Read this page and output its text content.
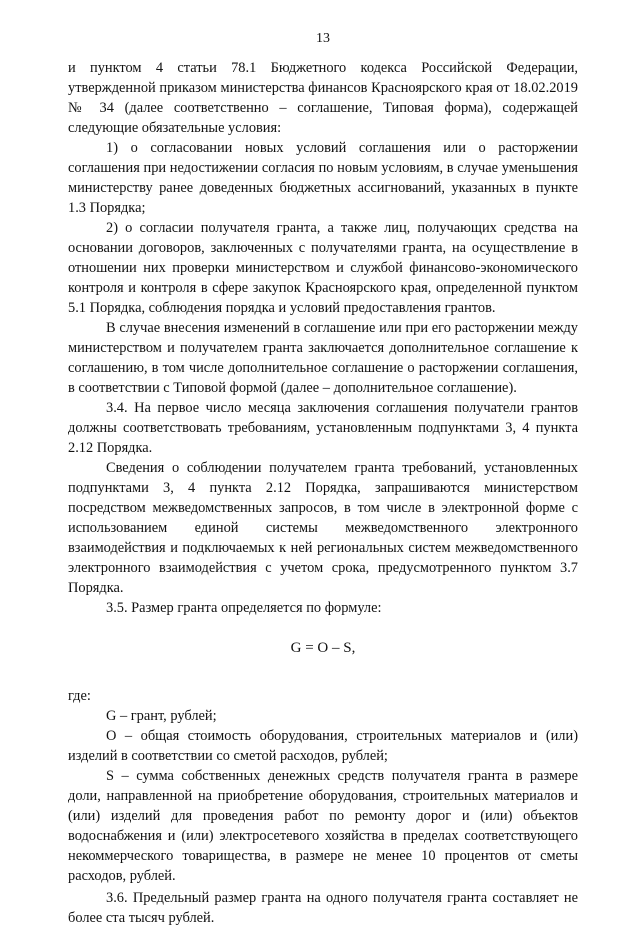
13

и пунктом 4 статьи 78.1 Бюджетного кодекса Российской Федерации, утвержденной приказом министерства финансов Красноярского края от 18.02.2019 № 34 (далее соответственно – соглашение, Типовая форма), содержащей следующие обязательные условия:

1) о согласовании новых условий соглашения или о расторжении соглашения при недостижении согласия по новым условиям, в случае уменьшения министерству ранее доведенных бюджетных ассигнований, указанных в пункте 1.3 Порядка;

2) о согласии получателя гранта, а также лиц, получающих средства на основании договоров, заключенных с получателями гранта, на осуществление в отношении них проверки министерством и службой финансово-экономического контроля и контроля в сфере закупок Красноярского края, определенной пунктом 5.1 Порядка, соблюдения порядка и условий предоставления грантов.

В случае внесения изменений в соглашение или при его расторжении между министерством и получателем гранта заключается дополнительное соглашение к соглашению, в том числе дополнительное соглашение о расторжении соглашения, в соответствии с Типовой формой (далее – дополнительное соглашение).

3.4. На первое число месяца заключения соглашения получатели грантов должны соответствовать требованиям, установленным подпунктами 3, 4 пункта 2.12 Порядка.

Сведения о соблюдении получателем гранта требований, установленных подпунктами 3, 4 пункта 2.12 Порядка, запрашиваются министерством посредством межведомственных запросов, в том числе в электронной форме с использованием единой системы межведомственного электронного взаимодействия и подключаемых к ней региональных систем межведомственного электронного взаимодействия с учетом срока, предусмотренного пунктом 3.7 Порядка.

3.5. Размер гранта определяется по формуле:

G = O – S,

где:

G – грант, рублей;

O – общая стоимость оборудования, строительных материалов и (или) изделий в соответствии со сметой расходов, рублей;

S – сумма собственных денежных средств получателя гранта в размере доли, направленной на приобретение оборудования, строительных материалов и (или) изделий для проведения работ по ремонту дорог и (или) объектов водоснабжения и (или) электросетевого хозяйства в пределах соответствующего некоммерческого товарищества, в размере не менее 10 процентов от сметы расходов, рублей.

3.6. Предельный размер гранта на одного получателя гранта составляет не более ста тысяч рублей.
